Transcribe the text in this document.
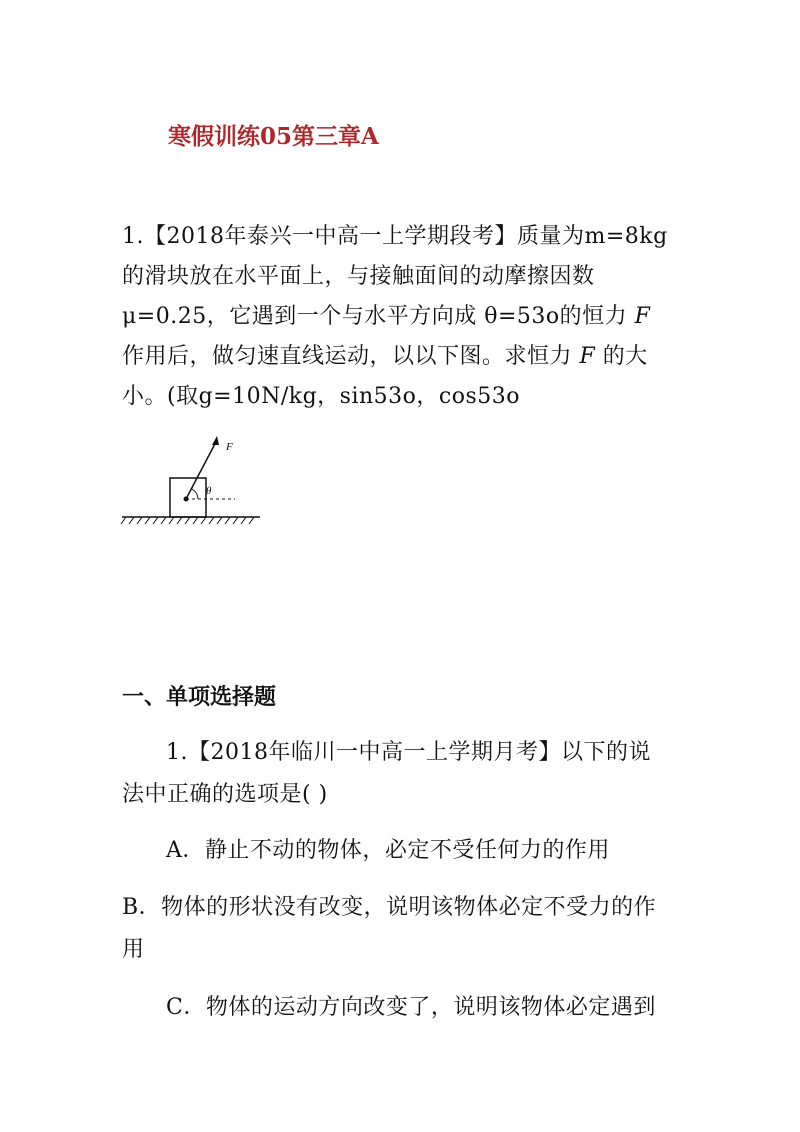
寒假训练05第三章A
1.【2018年泰兴一中高一上学期段考】质量为m=8kg
的滑块放在水平面上，与接触面间的动摩擦因数
μ=0.25，它遇到一个与水平方向成 θ=53ο的恒力 F
作用后，做匀速直线运动，以以下图。求恒力 F 的大
小。(取g=10N/kg，sin53ο，cos53ο
F
θ
一、单项选择题
1.【2018年临川一中高一上学期月考】以下的说
法中正确的选项是( )
A．静止不动的物体，必定不受任何力的作用
B．物体的形状没有改变，说明该物体必定不受力的作
用
C．物体的运动方向改变了，说明该物体必定遇到
